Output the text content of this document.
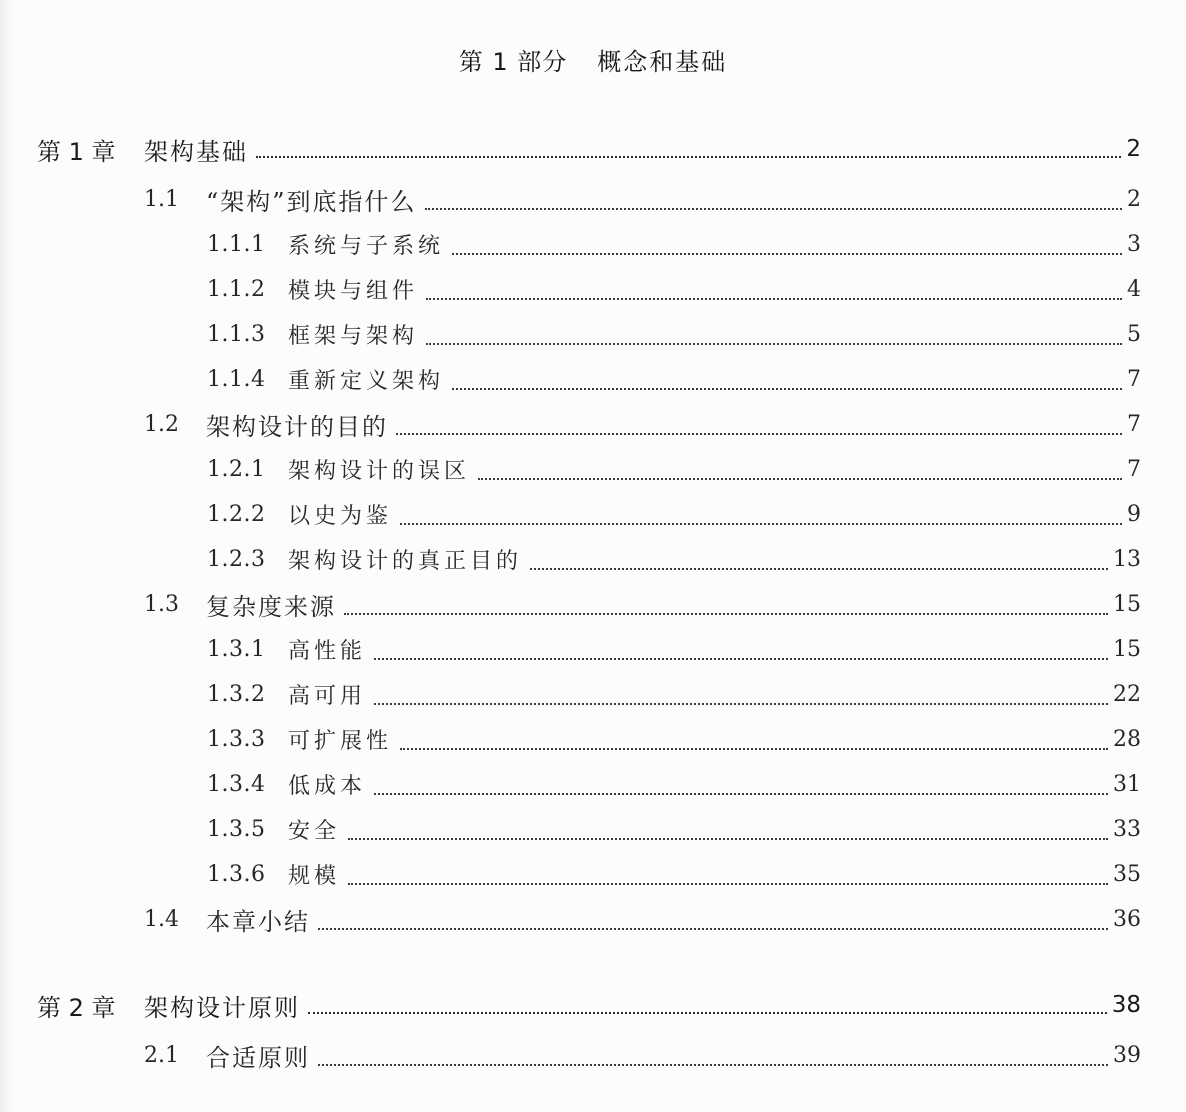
第 1 部分 概念和基础
第 1 章	架构基础	2
1.1	“架构”到底指什么	2
1.1.1	系统与子系统	3
1.1.2	模块与组件	4
1.1.3	框架与架构	5
1.1.4	重新定义架构	7
1.2	架构设计的目的	7
1.2.1	架构设计的误区	7
1.2.2	以史为鉴	9
1.2.3	架构设计的真正目的	13
1.3	复杂度来源	15
1.3.1	高性能	15
1.3.2	高可用	22
1.3.3	可扩展性	28
1.3.4	低成本	31
1.3.5	安全	33
1.3.6	规模	35
1.4	本章小结	36
第 2 章	架构设计原则	38
2.1	合适原则	39
